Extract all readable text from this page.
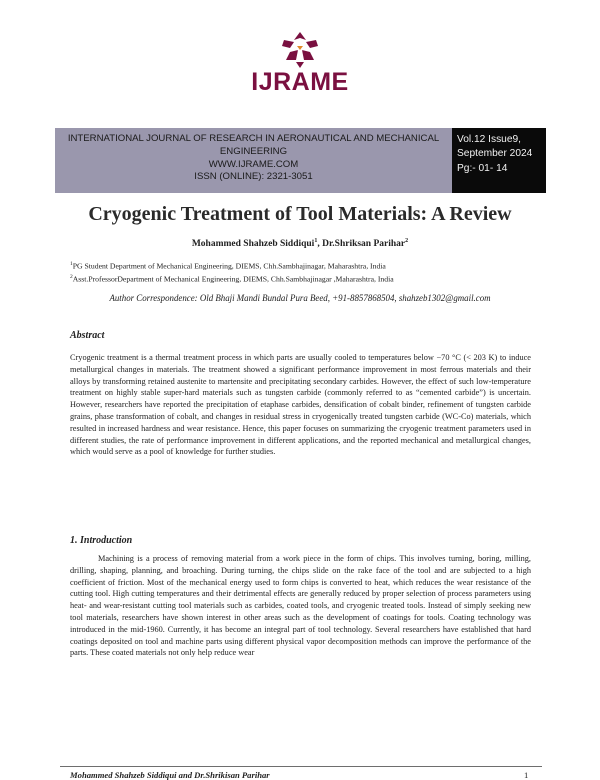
IJRAME
INTERNATIONAL JOURNAL OF RESEARCH IN AERONAUTICAL AND MECHANICAL
ENGINEERING
WWW.IJRAME.COM
ISSN (ONLINE): 2321-3051
Vol.12 Issue9,
September 2024
Pg:- 01- 14
Cryogenic Treatment of Tool Materials: A Review
Mohammed Shahzeb Siddiqui$^1$, Dr.Shriksan Parihar$^2$
$^1$PG Student Department of Mechanical Engineering, DIEMS, Chh.Sambhajinagar, Maharashtra, India
$^2$Asst.ProfessorDepartment of Mechanical Engineering, DIEMS, Chh.Sambhajinagar ,Maharashtra, India
Author Correspondence: Old Bhaji Mandi Bundal Pura Beed, +91-8857868504, shahzeb1302@gmail.com
Abstract
Cryogenic treatment is a thermal treatment process in which parts are usually cooled to temperatures below −70 °C (< 203 K) to induce metallurgical changes in materials. The treatment showed a significant performance improvement in most ferrous materials and their alloys by transforming retained austenite to martensite and precipitating secondary carbides. However, the effect of such low-temperature treatment on highly stable super-hard materials such as tungsten carbide (commonly referred to as “cemented carbide”) is uncertain. However, researchers have reported the precipitation of etaphase carbides, densification of cobalt binder, refinement of tungsten carbide grains, phase transformation of cobalt, and changes in residual stress in cryogenically treated tungsten carbide (WC-Co) materials, which resulted in increased hardness and wear resistance. Hence, this paper focuses on summarizing the cryogenic treatment parameters used in different studies, the rate of performance improvement in different applications, and the reported mechanical and metallurgical changes, which would serve as a pool of knowledge for further studies.
1. Introduction
Machining is a process of removing material from a work piece in the form of chips. This involves turning, boring, milling, drilling, shaping, planning, and broaching. During turning, the chips slide on the rake face of the tool and are subjected to a high coefficient of friction. Most of the mechanical energy used to form chips is converted to heat, which reduces the wear resistance of the cutting tool. High cutting temperatures and their detrimental effects are generally reduced by proper selection of process parameters using heat- and wear-resistant cutting tool materials such as carbides, coated tools, and cryogenic treated tools. Instead of simply seeking new tool materials, researchers have shown interest in other areas such as the development of coatings for tools. Coating technology was introduced in the mid-1960. Currently, it has become an integral part of tool technology. Several researchers have established that hard coatings deposited on tool and machine parts using different physical vapor decomposition methods can improve the performance of the parts. These coated materials not only help reduce wear
Mohammed Shahzeb Siddiqui and Dr.Shrikisan Parihar	1
